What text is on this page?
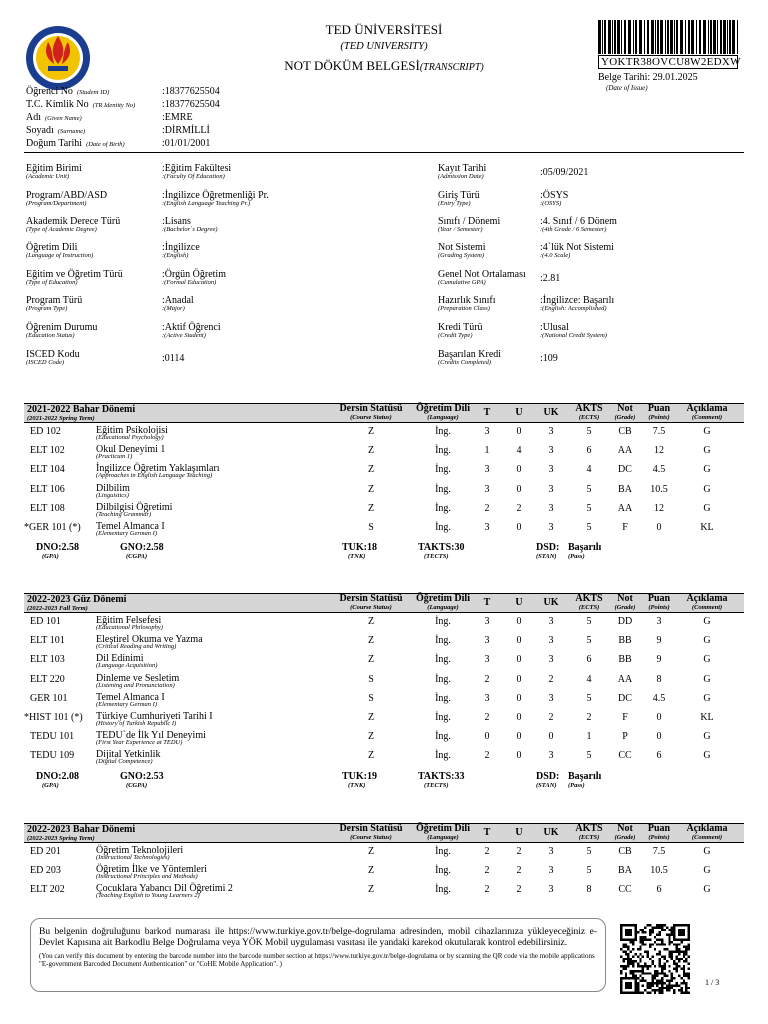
TED ÜNİVERSİTESİ
(TED UNIVERSITY)
NOT DÖKÜM BELGESİ(TRANSCRIPT)	YOKTR38OVCU8W2EDXW
Belge Tarihi: 29.01.2025
(Date of Issue)
Öğrenci No (Student ID)	:18377625504
T.C. Kimlik No (TR Identity No)	:18377625504
Adı (Given Name)	:EMRE
Soyadı (Surname)	:DİRMİLLİ
Doğum Tarihi (Date of Birth)	:01/01/2001
Eğitim Birimi
(Academic Unit)
:Eğitim Fakültesi
:(Faculty Of Education)
Program/ABD/ASD
(Program/Department)
:İngilizce Öğretmenliği Pr.
:(English Language Teaching Pr.)
Akademik Derece Türü
(Type of Academic Degree)
:Lisans
:(Bachelor`s Degree)
Öğretim Dili
(Language of Instruction)
:İngilizce
:(English)
Eğitim ve Öğretim Türü
(Type of Education)
:Örgün Öğretim
:(Formal Education)
Program Türü
(Program Type)
:Anadal
:(Major)
Öğrenim Durumu
(Education Status)
:Aktif Öğrenci
:(Active Student)
ISCED Kodu
(ISCED Code)	:0114
Kayıt Tarihi
(Admission Date)	:05/09/2021
Giriş Türü
(Entry Type)
:ÖSYS
:(OSYS)
Sınıfı / Dönemi
(Year / Semester)
:4. Sınıf / 6 Dönem
:(4th Grade / 6 Semester)
Not Sistemi
(Grading System)
:4`lük Not Sistemi
:(4.0 Scale)
Genel Not Ortalaması
(Cumulative GPA)	:2.81
Hazırlık Sınıfı
(Preparation Class)
:İngilizce: Başarılı
:(English: Accomplished)
Kredi Türü
(Credit Type)
:Ulusal
:(National Credit System)
Başarılan Kredi
(Credits Completed)	:109
2021-2022 Bahar Dönemi
(2021-2022 Spring Term)
Dersin Statüsü
(Course Status)
Öğretim Dili
(Language)	T	U	UK	AKTS
(ECTS)
Not
(Grade)
Puan
(Points)
Açıklama
(Comment)
ED 102	Eğitim Psikolojisi
(Educational Psychology)
Z	İng.	3	0	3	5	CB	7.5	G
ELT 102	Okul Deneyimi 1
(Practicum 1)
Z	İng.	1	4	3	6	AA	12	G
ELT 104	İngilizce Öğretim Yaklaşımları
(Approaches in English Language Teaching)
Z	İng.	3	0	3	4	DC	4.5	G
ELT 106	Dilbilim
(Linguistics)
Z	İng.	3	0	3	5	BA	10.5	G
ELT 108	Dilbilgisi Öğretimi
(Teaching Grammar)
Z	İng.	2	2	3	5	AA	12	G
*GER 101 (*) Temel Almanca I
(Elementary German I)
S	İng.	3	0	3	5	F	0	KL
DNO:2.58
(GPA)
GNO:2.58
(CGPA)
TUK:18
(TNK)
TAKTS:30
(TECTS)
DSD:
(STAN)
Başarılı
(Pass)
2022-2023 Güz Dönemi
(2022-2023 Fall Term)
Dersin Statüsü
(Course Status)
Öğretim Dili
(Language)	T	U	UK	AKTS
(ECTS)
Not
(Grade)
Puan
(Points)
Açıklama
(Comment)
ED 101	Eğitim Felsefesi
(Educational Philosophy)
Z	İng.	3	0	3	5	DD	3	G
ELT 101	Eleştirel Okuma ve Yazma
(Critical Reading and Writing)
Z	İng.	3	0	3	5	BB	9	G
ELT 103	Dil Edinimi
(Language Acquisition)
Z	İng.	3	0	3	6	BB	9	G
ELT 220	Dinleme ve Sesletim
(Listening and Pronunciation)
S	İng.	2	0	2	4	AA	8	G
GER 101	Temel Almanca I
(Elementary German I)
S	İng.	3	0	3	5	DC	4.5	G
*HIST 101 (*) Türkiye Cumhuriyeti Tarihi I
(History of Turkish Republic I)
Z	İng.	2	0	2	2	F	0	KL
TEDU 101 TEDU`de İlk Yıl Deneyimi
(First Year Experience at TEDU)
Z	İng.	0	0	0	1	P	0	G
TEDU 109 Dijital Yetkinlik
(Digital Competence)
Z	İng.	2	0	3	5	CC	6	G
DNO:2.08
(GPA)
GNO:2.53
(CGPA)
TUK:19
(TNK)
TAKTS:33
(TECTS)
DSD:
(STAN)
Başarılı
(Pass)
2022-2023 Bahar Dönemi
(2022-2023 Spring Term)
Dersin Statüsü
(Course Status)
Öğretim Dili
(Language)	T	U	UK	AKTS
(ECTS)
Not
(Grade)
Puan
(Points)
Açıklama
(Comment)
ED 201	Öğretim Teknolojileri
(Instructional Technologies)
Z	İng.	2	2	3	5	CB	7.5	G
ED 203	Öğretim İlke ve Yöntemleri
(Instructional Principles and Methods)
Z	İng.	2	2	3	5	BA	10.5	G
ELT 202	Çocuklara Yabancı Dil Öğretimi 2
(Teaching English to Young Learners 2)
Z	İng.	2	2	3	8	CC	6	G
Bu belgenin doğruluğunu barkod numarası ile https://www.turkiye.gov.tr/belge-dogrulama adresinden, mobil cihazlarınıza yükleyeceğiniz e-Devlet Kapısına ait Barkodlu Belge Doğrulama veya YÖK Mobil uygulaması vasıtası ile yandaki karekod okutularak kontrol edebilirsiniz.
(You can verify this document by entering the barcode number into the barcode number section at https://www.turkiye.gov.tr/belge-dogrulama or by scanning the QR code via the mobile applications "E-government Barcoded Document Authentication" or "CoHE Mobile Application". )
1 / 3
